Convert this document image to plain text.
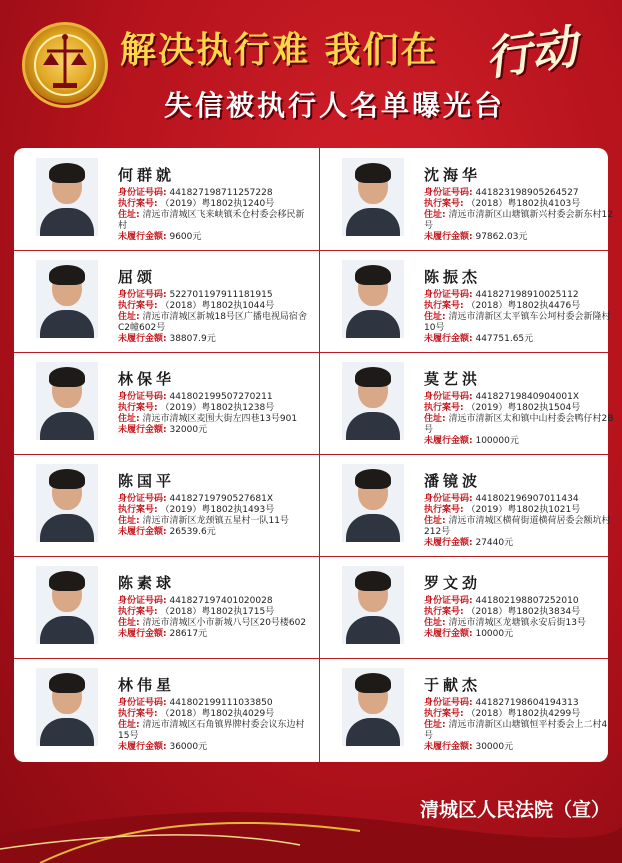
解决执行难 我们在 行动
失信被执行人名单曝光台
何群就
身份证号码: 441827198711257228
执行案号: （2019）粤1802执1240号
住址: 清远市清城区飞来峡镇禾仓村委会移民新村
未履行金额: 9600元
沈海华
身份证号码: 441823198905264527
执行案号: （2018）粤1802执4103号
住址: 清远市清新区山塘镇新兴村委会新东村12号
未履行金额: 97862.03元
屈颂
身份证号码: 522701197911181915
执行案号: （2018）粤1802执1044号
住址: 清远市清城区新城18号区广播电视局宿舍C2幢602号
未履行金额: 38807.9元
陈振杰
身份证号码: 441827198910025112
执行案号: （2018）粤1802执4476号
住址: 清远市清新区太平镇车公坷村委会新隆村10号
未履行金额: 447751.65元
林保华
身份证号码: 441802199507270211
执行案号: （2019）粤1802执1238号
住址: 清远市清城区麦围大街左四巷13号901
未履行金额: 32000元
莫艺洪
身份证号码: 44182719840904001X
执行案号: （2019）粤1802执1504号
住址: 清远市清新区太和镇中山村委会鸭仔村2B号
未履行金额: 100000元
陈国平
身份证号码: 44182719790527681X
执行案号: （2019）粤1802执1493号
住址: 清远市清新区龙颈镇五星村一队11号
未履行金额: 26539.6元
潘镜波
身份证号码: 441802196907011434
执行案号: （2019）粤1802执1021号
住址: 清远市清城区横荷街道横荷居委会额坑村212号
未履行金额: 27440元
陈素球
身份证号码: 441827197401020028
执行案号: （2018）粤1802执1715号
住址: 清远市清城区小市新城八号区20号楼602
未履行金额: 28617元
罗文劲
身份证号码: 441802198807252010
执行案号: （2018）粤1802执3834号
住址: 清远市清城区龙塘镇永安后街13号
未履行金额: 10000元
林伟星
身份证号码: 441802199111033850
执行案号: （2018）粤1802执4029号
住址: 清远市清城区石角镇界牌村委会议东边村15号
未履行金额: 36000元
于献杰
身份证号码: 441827198604194313
执行案号: （2018）粤1802执4299号
住址: 清远市清新区山塘镇恒平村委会上二村4号
未履行金额: 30000元
清城区人民法院（宣）
